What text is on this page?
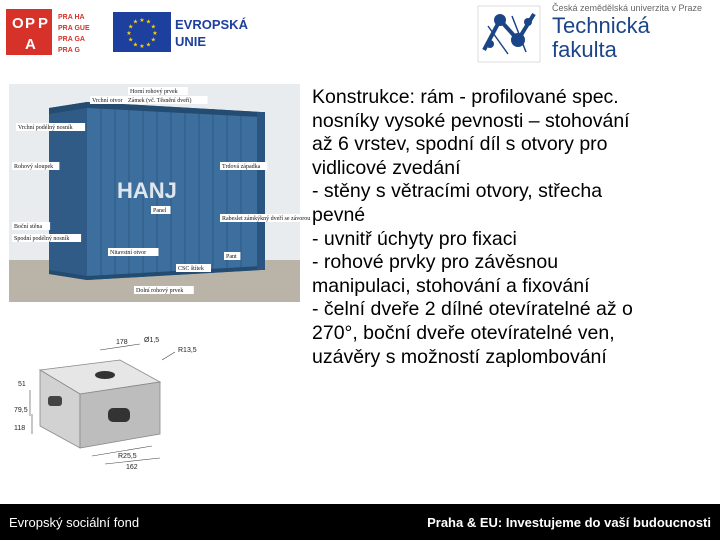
O P P
A
PRA HA
PRA GUE
PRA GA
PRA G
★
★
★
★
★
★
★
★
★ ★ ★
★ EVROPSKÁ
UNIE
Česká zemědělská univerzita v Praze
Technická
fakulta
HANJ
Horní rohový prvek
Vrchní otvor Zámek (vč. Těsnění dveří)
Vrchní podélný nosník
Rohový sloupek	Trdová západka
Boční stěna
Panel
Spodní podélný nosník
Rabeslet zámkýkný dveří se závorou
Nitavstní otvor
CSC štítek
Pant
Dolní rohový prvek
178 Ø1,5
51
R13,5
79,5
118
R25,5
162

Konstrukce: rám - profilované spec.

nosníky vysoké pevnosti – stohování

až 6 vrstev, spodní díl s otvory pro

vidlicové zvedání

- stěny s větracími otvory, střecha

pevné

- uvnitř úchyty pro fixaci

- rohové prvky pro závěsnou

manipulaci, stohování a fixování

- čelní dveře 2 dílné otevíratelné až o

270°, boční dveře otevíratelné ven,

uzávěry s možností zaplombování

Evropský sociální fond	Praha & EU: Investujeme do vaší budoucnosti
